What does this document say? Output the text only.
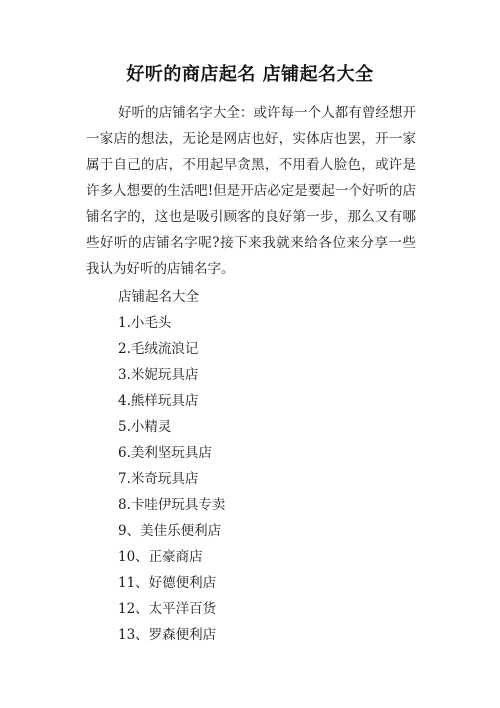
好听的商店起名 店铺起名大全
好听的店铺名字大全：或许每一个人都有曾经想开一家店的想法，无论是网店也好，实体店也罢，开一家属于自己的店，不用起早贪黑，不用看人脸色，或许是许多人想要的生活吧!但是开店必定是要起一个好听的店铺名字的，这也是吸引顾客的良好第一步，那么又有哪些好听的店铺名字呢?接下来我就来给各位来分享一些我认为好听的店铺名字。
店铺起名大全
1.小毛头
2.毛绒流浪记
3.米妮玩具店
4.熊样玩具店
5.小精灵
6.美利坚玩具店
7.米奇玩具店
8.卡哇伊玩具专卖
9、美佳乐便利店
10、正豪商店
11、好德便利店
12、太平洋百货
13、罗森便利店
